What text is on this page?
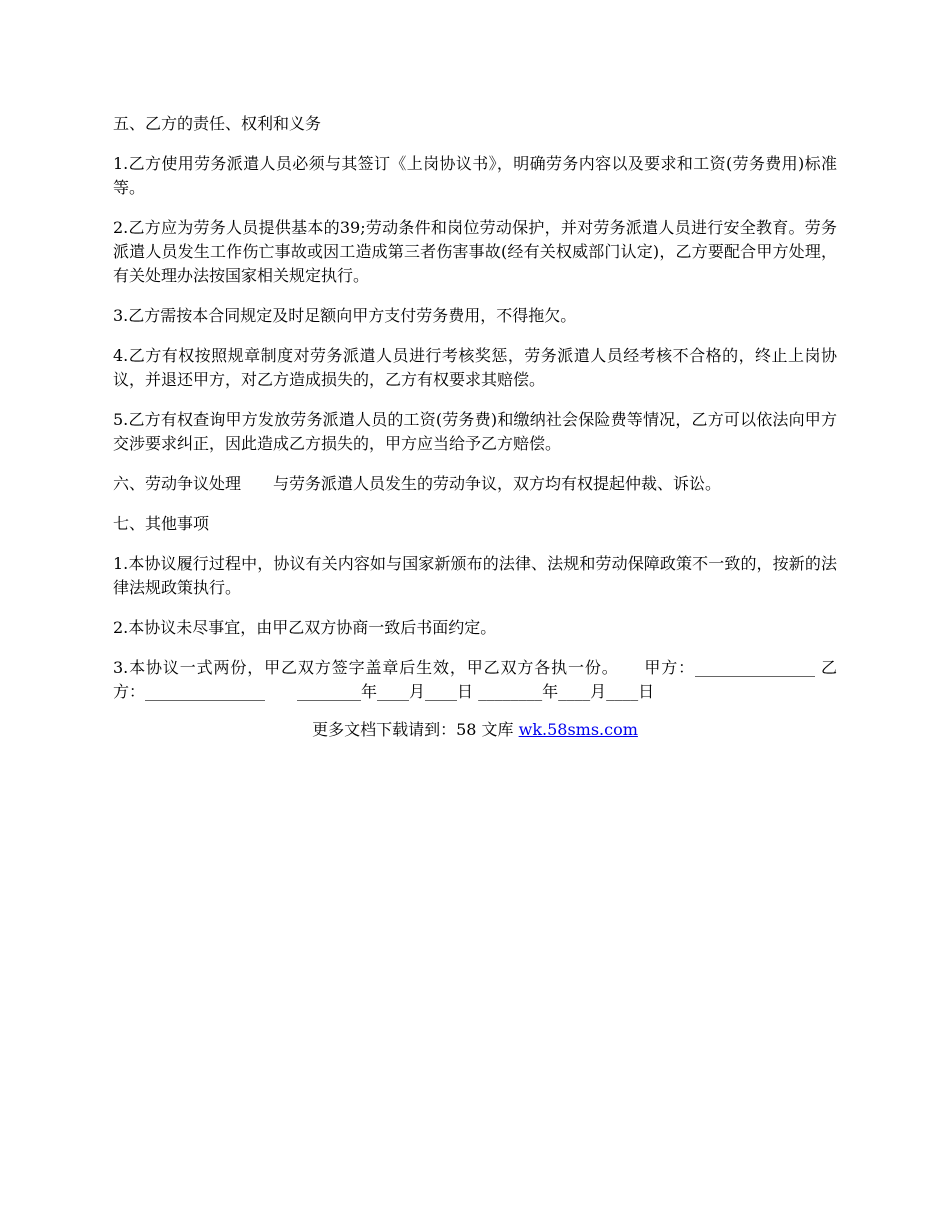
五、乙方的责任、权利和义务

1.乙方使用劳务派遣人员必须与其签订《上岗协议书》，明确劳务内容以及要求和工资(劳务费用)标准等。

2.乙方应为劳务人员提供基本的39;劳动条件和岗位劳动保护，并对劳务派遣人员进行安全教育。劳务派遣人员发生工作伤亡事故或因工造成第三者伤害事故(经有关权威部门认定)，乙方要配合甲方处理，有关处理办法按国家相关规定执行。

3.乙方需按本合同规定及时足额向甲方支付劳务费用，不得拖欠。

4.乙方有权按照规章制度对劳务派遣人员进行考核奖惩，劳务派遣人员经考核不合格的，终止上岗协议，并退还甲方，对乙方造成损失的，乙方有权要求其赔偿。

5.乙方有权查询甲方发放劳务派遣人员的工资(劳务费)和缴纳社会保险费等情况，乙方可以依法向甲方交涉要求纠正，因此造成乙方损失的，甲方应当给予乙方赔偿。

六、劳动争议处理　　与劳务派遣人员发生的劳动争议，双方均有权提起仲裁、诉讼。

七、其他事项

1.本协议履行过程中，协议有关内容如与国家新颁布的法律、法规和劳动保障政策不一致的，按新的法律法规政策执行。

2.本协议未尽事宜，由甲乙双方协商一致后书面约定。

3.本协议一式两份，甲乙双方签字盖章后生效，甲乙双方各执一份。　　甲方：_______________ 乙方：_______________　　________年____月____日 ________年____月____日

更多文档下载请到：58 文库 wk.58sms.com
